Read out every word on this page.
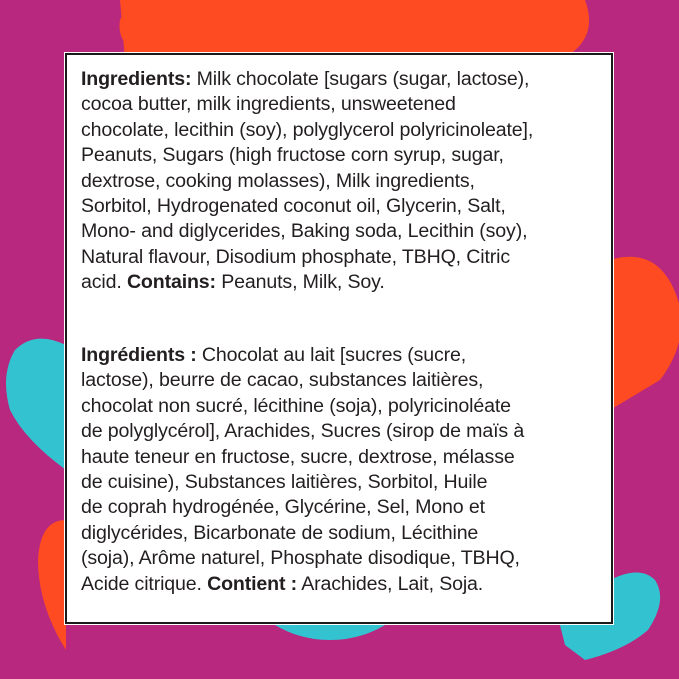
Ingredients: Milk chocolate [sugars (sugar, lactose),
cocoa butter, milk ingredients, unsweetened
chocolate, lecithin (soy), polyglycerol polyricinoleate],
Peanuts, Sugars (high fructose corn syrup, sugar,
dextrose, cooking molasses), Milk ingredients,
Sorbitol, Hydrogenated coconut oil, Glycerin, Salt,
Mono- and diglycerides, Baking soda, Lecithin (soy),
Natural flavour, Disodium phosphate, TBHQ, Citric
acid. Contains: Peanuts, Milk, Soy.

Ingrédients : Chocolat au lait [sucres (sucre,
lactose), beurre de cacao, substances laitières,
chocolat non sucré, lécithine (soja), polyricinoléate
de polyglycérol], Arachides, Sucres (sirop de maïs à
haute teneur en fructose, sucre, dextrose, mélasse
de cuisine), Substances laitières, Sorbitol, Huile
de coprah hydrogénée, Glycérine, Sel, Mono et
diglycérides, Bicarbonate de sodium, Lécithine
(soja), Arôme naturel, Phosphate disodique, TBHQ,
Acide citrique. Contient : Arachides, Lait, Soja.
